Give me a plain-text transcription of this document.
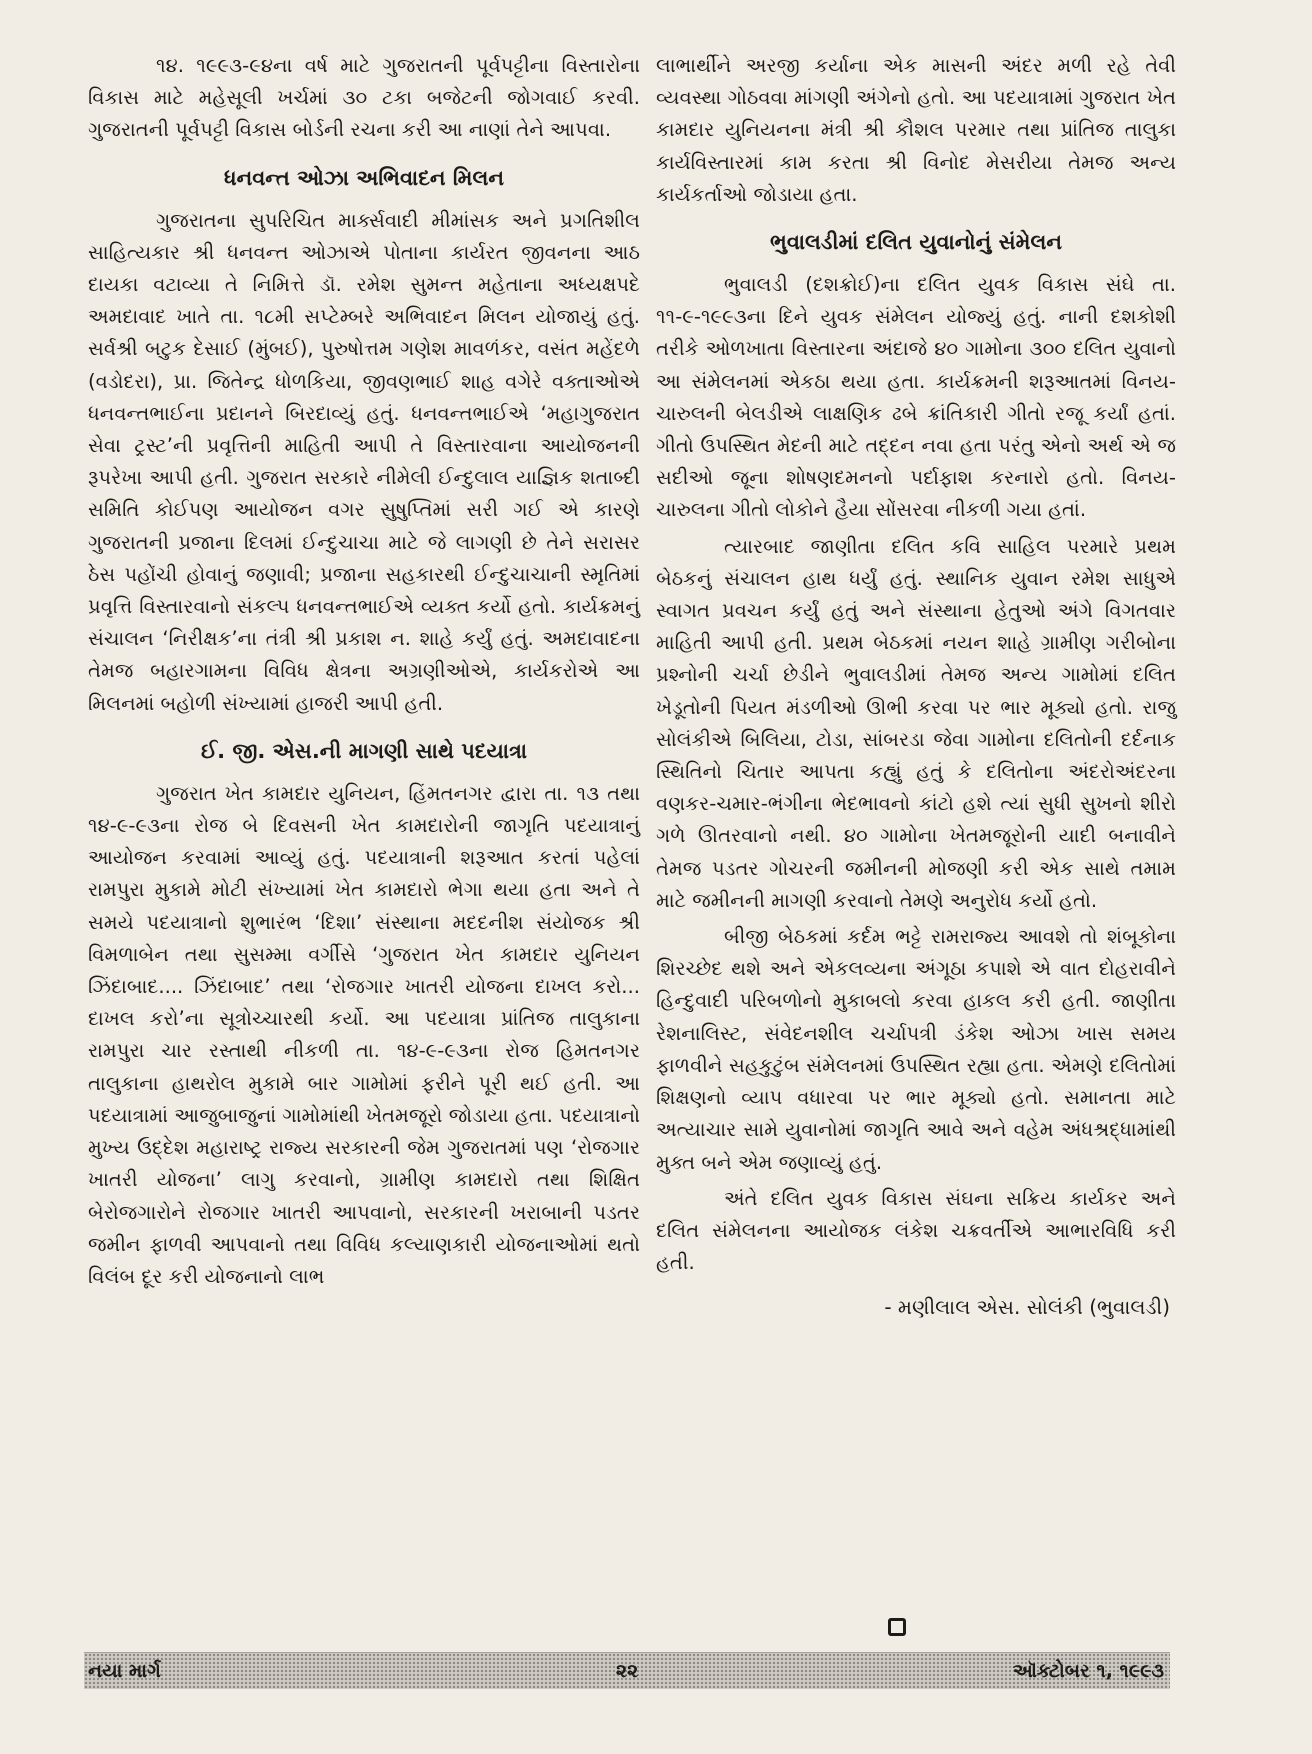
૧૪. ૧૯૯૩-૯૪ના વર્ષ માટે ગુજરાતની પૂર્વપટ્ટીના વિસ્તારોના વિકાસ માટે મહેસૂલી ખર્ચમાં ૩૦ ટકા બજેટની જોગવાઈ કરવી. ગુજરાતની પૂર્વપટ્ટી વિકાસ બોર્ડની રચના કરી આ નાણાં તેને આપવા.

ધનવન્ત ઓઝા અભિવાદન મિલન

ગુજરાતના સુપરિચિત માર્ક્સવાદી મીમાંસક અને પ્રગતિશીલ સાહિત્યકાર શ્રી ધનવન્ત ઓઝાએ પોતાના કાર્યરત જીવનના આઠ દાયકા વટાવ્યા તે નિમિત્તે ડૉ. રમેશ સુમન્ત મહેતાના અધ્યક્ષપદે અમદાવાદ ખાતે તા. ૧૮મી સપ્ટેમ્બરે અભિવાદન મિલન યોજાયું હતું. સર્વશ્રી બટુક દેસાઈ (મુંબઈ), પુરુષોત્તમ ગણેશ માવળંકર, વસંત મહેંદળે (વડોદરા), પ્રા. જિતેન્દ્ર ધોળકિયા, જીવણભાઈ શાહ વગેરે વક્તાઓએ ધનવન્તભાઈના પ્રદાનને બિરદાવ્યું હતું. ધનવન્તભાઈએ ‘મહાગુજરાત સેવા ટ્રસ્ટ’ની પ્રવૃત્તિની માહિતી આપી તે વિસ્તારવાના આયોજનની રૂપરેખા આપી હતી. ગુજરાત સરકારે નીમેલી ઈન્દુલાલ યાજ્ઞિક શતાબ્દી સમિતિ કોઈપણ આયોજન વગર સુષુપ્તિમાં સરી ગઈ એ કારણે ગુજરાતની પ્રજાના દિલમાં ઈન્દુચાચા માટે જે લાગણી છે તેને સરાસર ઠેસ પહોંચી હોવાનું જણાવી; પ્રજાના સહકારથી ઈન્દુચાચાની સ્મૃતિમાં પ્રવૃત્તિ વિસ્તારવાનો સંકલ્પ ધનવન્તભાઈએ વ્યક્ત કર્યો હતો. કાર્યક્રમનું સંચાલન ‘નિરીક્ષક’ના તંત્રી શ્રી પ્રકાશ ન. શાહે કર્યું હતું. અમદાવાદના તેમજ બહારગામના વિવિધ ક્ષેત્રના અગ્રણીઓએ, કાર્યકરોએ આ મિલનમાં બહોળી સંખ્યામાં હાજરી આપી હતી.

ઈ. જી. એસ.ની માગણી સાથે પદયાત્રા

ગુજરાત ખેત કામદાર યુનિયન, હિંમતનગર દ્વારા તા. ૧૩ તથા ૧૪-૯-૯૩ના રોજ બે દિવસની ખેત કામદારોની જાગૃતિ પદયાત્રાનું આયોજન કરવામાં આવ્યું હતું. પદયાત્રાની શરૂઆત કરતાં પહેલાં રામપુરા મુકામે મોટી સંખ્યામાં ખેત કામદારો ભેગા થયા હતા અને તે સમયે પદયાત્રાનો શુભારંભ ‘દિશા’ સંસ્થાના મદદનીશ સંયોજક શ્રી વિમળાબેન તથા સુસમ્મા વર્ગીસે ‘ગુજરાત ખેત કામદાર યુનિયન ઝિંદાબાદ.... ઝિંદાબાદ’ તથા ‘રોજગાર ખાતરી યોજના દાખલ કરો... દાખલ કરો’ના સૂત્રોચ્ચારથી કર્યો. આ પદયાત્રા પ્રાંતિજ તાલુકાના રામપુરા ચાર રસ્તાથી નીકળી તા. ૧૪-૯-૯૩ના રોજ હિમતનગર તાલુકાના હાથરોલ મુકામે બાર ગામોમાં ફરીને પૂરી થઈ હતી. આ પદયાત્રામાં આજુબાજુનાં ગામોમાંથી ખેતમજૂરો જોડાયા હતા. પદયાત્રાનો મુખ્ય ઉદ્દેશ મહારાષ્ટ્ર રાજ્ય સરકારની જેમ ગુજરાતમાં પણ ‘રોજગાર ખાતરી યોજના’ લાગુ કરવાનો, ગ્રામીણ કામદારો તથા શિક્ષિત બેરોજગારોને રોજગાર ખાતરી આપવાનો, સરકારની ખરાબાની પડતર જમીન ફાળવી આપવાનો તથા વિવિધ કલ્યાણકારી યોજનાઓમાં થતો વિલંબ દૂર કરી યોજનાનો લાભ

લાભાર્થીને અરજી કર્યાના એક માસની અંદર મળી રહે તેવી વ્યવસ્થા ગોઠવવા માંગણી અંગેનો હતો. આ પદયાત્રામાં ગુજરાત ખેત કામદાર યુનિયનના મંત્રી શ્રી કૌશલ પરમાર તથા પ્રાંતિજ તાલુકા કાર્યવિસ્તારમાં કામ કરતા શ્રી વિનોદ મેસરીયા તેમજ અન્ય કાર્યકર્તાઓ જોડાયા હતા.

ભુવાલડીમાં દલિત યુવાનોનું સંમેલન

ભુવાલડી (દશક્રોઈ)ના દલિત યુવક વિકાસ સંઘે તા. ૧૧-૯-૧૯૯૩ના દિને યુવક સંમેલન યોજ્યું હતું. નાની દશકોશી તરીકે ઓળખાતા વિસ્તારના અંદાજે ૪૦ ગામોના ૩૦૦ દલિત યુવાનો આ સંમેલનમાં એકઠા થયા હતા. કાર્યક્રમની શરૂઆતમાં વિનય-ચારુલની બેલડીએ લાક્ષણિક ઢબે ક્રાંતિકારી ગીતો રજૂ કર્યાં હતાં. ગીતો ઉપસ્થિત મેદની માટે તદ્દન નવા હતા પરંતુ એનો અર્થ એ જ સદીઓ જૂના શોષણદમનનો પર્દાફાશ કરનારો હતો. વિનય-ચારુલના ગીતો લોકોને હૈયા સોંસરવા નીકળી ગયા હતાં.

ત્યારબાદ જાણીતા દલિત કવિ સાહિલ પરમારે પ્રથમ બેઠકનું સંચાલન હાથ ધર્યું હતું. સ્થાનિક યુવાન રમેશ સાધુએ સ્વાગત પ્રવચન કર્યું હતું અને સંસ્થાના હેતુઓ અંગે વિગતવાર માહિતી આપી હતી. પ્રથમ બેઠકમાં નયન શાહે ગ્રામીણ ગરીબોના પ્રશ્નોની ચર્ચા છેડીને ભુવાલડીમાં તેમજ અન્ય ગામોમાં દલિત ખેડૂતોની પિયત મંડળીઓ ઊભી કરવા પર ભાર મૂક્યો હતો. રાજુ સોલંકીએ બિલિયા, ટોડા, સાંબરડા જેવા ગામોના દલિતોની દર્દનાક સ્થિતિનો ચિતાર આપતા કહ્યું હતું કે દલિતોના અંદરોઅંદરના વણકર-ચમાર-ભંગીના ભેદભાવનો કાંટો હશે ત્યાં સુધી સુખનો શીરો ગળે ઊતરવાનો નથી. ૪૦ ગામોના ખેતમજૂરોની યાદી બનાવીને તેમજ પડતર ગોચરની જમીનની મોજણી કરી એક સાથે તમામ માટે જમીનની માગણી કરવાનો તેમણે અનુરોધ કર્યો હતો.

બીજી બેઠકમાં કર્દમ ભટ્ટે રામરાજ્ય આવશે તો શંબૂકોના શિરચ્છેદ થશે અને એકલવ્યના અંગૂઠા કપાશે એ વાત દોહરાવીને હિન્દુવાદી પરિબળોનો મુકાબલો કરવા હાકલ કરી હતી. જાણીતા રેશનાલિસ્ટ, સંવેદનશીલ ચર્ચાપત્રી ડંકેશ ઓઝા ખાસ સમય ફાળવીને સહકુટુંબ સંમેલનમાં ઉપસ્થિત રહ્યા હતા. એમણે દલિતોમાં શિક્ષણનો વ્યાપ વધારવા પર ભાર મૂક્યો હતો. સમાનતા માટે અત્યાચાર સામે યુવાનોમાં જાગૃતિ આવે અને વહેમ અંધશ્રદ્ધામાંથી મુક્ત બને એમ જણાવ્યું હતું.

અંતે દલિત યુવક વિકાસ સંઘના સક્રિય કાર્યકર અને દલિત સંમેલનના આયોજક લંકેશ ચક્રવર્તીએ આભારવિધિ કરી હતી.

- મણીલાલ એસ. સોલંકી (ભુવાલડી)
નયા માર્ગ	૨૨	ઑક્ટોબર ૧, ૧૯૯૩
